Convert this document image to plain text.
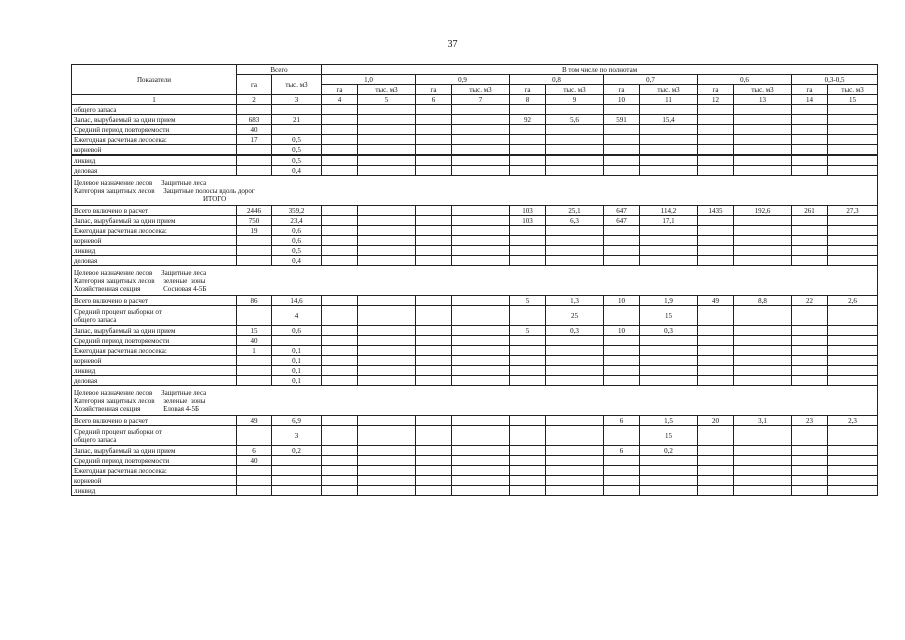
37
Показатели	Всего		В том числе по полнотам											
	га	тыс. м3	1,0		0,9		0,8		0,7		0,6		0,3-0,5	
			га	тыс. м3	га	тыс. м3	га	тыс. м3	га	тыс. м3	га	тыс. м3	га	тыс. м3
1	2	3	4	5	6	7	8	9	10	11	12	13	14	15

общего запаса														

Запас, вырубаемый за один прием	683	21					92	5,6	591	15,4				

Средний период повторяемости	40													

Ежегодная расчетная лесосека:	17	0,5												

корневой		0,5												

ликвид		0,5												

деловая		0,4												

Целевое назначение лесов     Защитные леса
Категория защитных лесов     Защитные полосы вдоль дорог
ИТОГО														

Всего включено в расчет	2446	359,2					103	25,1	647	114,2	1435	192,6	261	27,3

Запас, вырубаемый за один прием	750	23,4					103	6,3	647	17,1				

Ежегодная расчетная лесосека:	19	0,6												

корневой		0,6												

ликвид		0,5												

деловая		0,4												

Целевое назначение лесов     Защитные леса
Категория защитных лесов     зеленые  зоны
Хозяйственная секция             Сосновая 4-5Б														

Всего включено в расчет	86	14,6					5	1,3	10	1,9	49	8,8	22	2,6

Средний процент выборки от
общего запаса		4						25		15				

Запас, вырубаемый за один прием	15	0,6					5	0,3	10	0,3				

Средний период повторяемости	40													

Ежегодная расчетная лесосека:	1	0,1												

корневой		0,1												

ликвид		0,1												

деловая		0,1												

Целевое назначение лесов     Защитные леса
Категория защитных лесов     зеленые  зоны
Хозяйственная секция             Еловая 4-5Б														

Всего включено в расчет	49	6,9							6	1,5	20	3,1	23	2,3

Средний процент выборки от
общего запаса		3								15				

Запас, вырубаемый за один прием	6	0,2							6	0,2				

Средний период повторяемости	40													

Ежегодная расчетная лесосека:														

корневой														

ликвид														
